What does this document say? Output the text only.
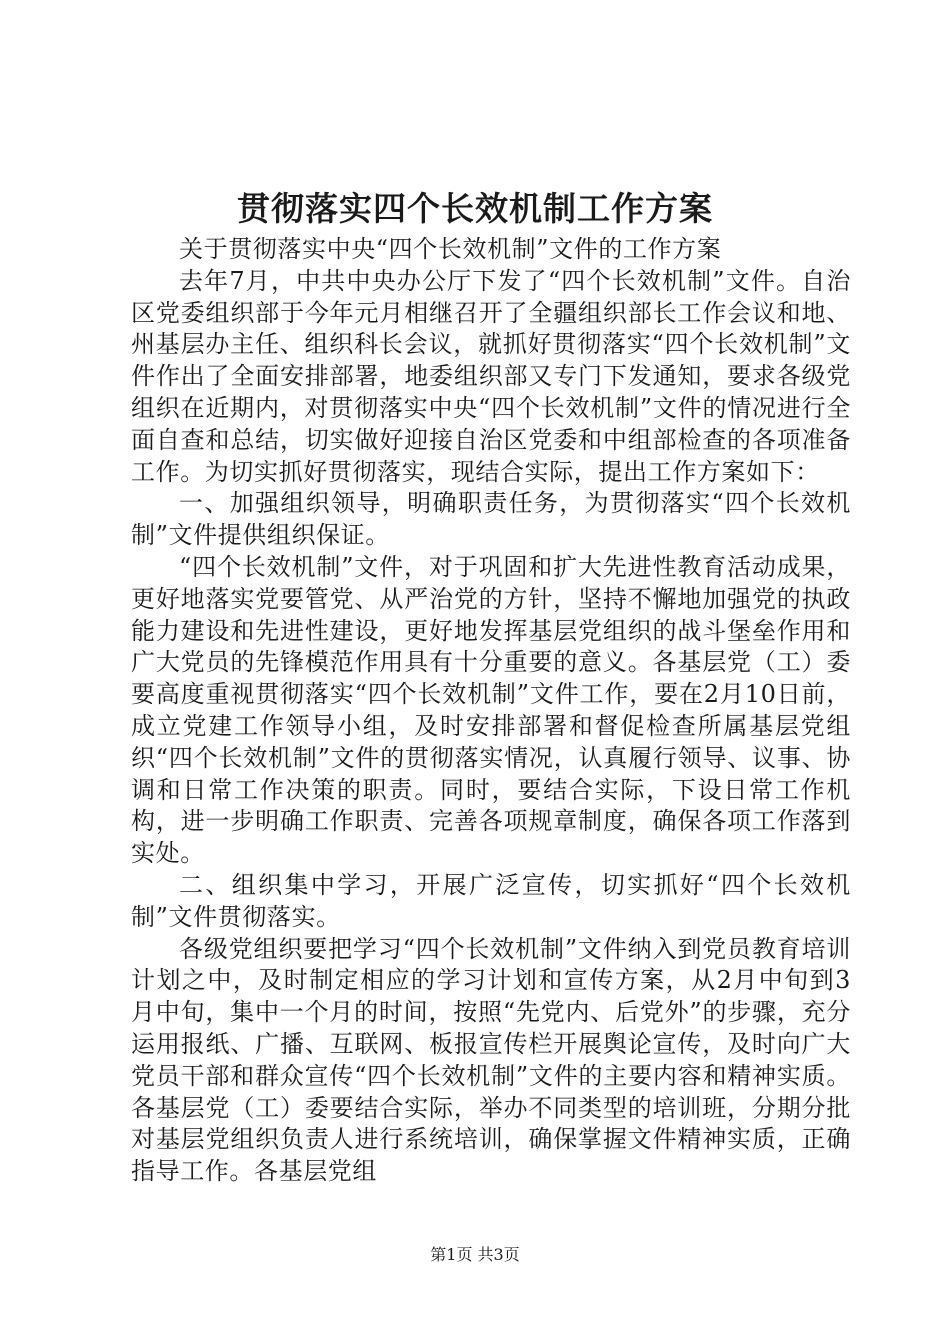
贯彻落实四个长效机制工作方案

关于贯彻落实中央“四个长效机制”文件的工作方案

去年7月，中共中央办公厅下发了“四个长效机制”文件。自治区党委组织部于今年元月相继召开了全疆组织部长工作会议和地、州基层办主任、组织科长会议，就抓好贯彻落实“四个长效机制”文件作出了全面安排部署，地委组织部又专门下发通知，要求各级党组织在近期内，对贯彻落实中央“四个长效机制”文件的情况进行全面自查和总结，切实做好迎接自治区党委和中组部检查的各项准备工作。为切实抓好贯彻落实，现结合实际，提出工作方案如下：

一、加强组织领导，明确职责任务，为贯彻落实“四个长效机制”文件提供组织保证。

“四个长效机制”文件，对于巩固和扩大先进性教育活动成果，更好地落实党要管党、从严治党的方针，坚持不懈地加强党的执政能力建设和先进性建设，更好地发挥基层党组织的战斗堡垒作用和广大党员的先锋模范作用具有十分重要的意义。各基层党（工）委要高度重视贯彻落实“四个长效机制”文件工作，要在2月10日前，成立党建工作领导小组，及时安排部署和督促检查所属基层党组织“四个长效机制”文件的贯彻落实情况，认真履行领导、议事、协调和日常工作决策的职责。同时，要结合实际，下设日常工作机构，进一步明确工作职责、完善各项规章制度，确保各项工作落到实处。

二、组织集中学习，开展广泛宣传，切实抓好“四个长效机制”文件贯彻落实。

各级党组织要把学习“四个长效机制”文件纳入到党员教育培训计划之中，及时制定相应的学习计划和宣传方案，从2月中旬到3月中旬，集中一个月的时间，按照“先党内、后党外”的步骤，充分运用报纸、广播、互联网、板报宣传栏开展舆论宣传，及时向广大党员干部和群众宣传“四个长效机制”文件的主要内容和精神实质。各基层党（工）委要结合实际，举办不同类型的培训班，分期分批对基层党组织负责人进行系统培训，确保掌握文件精神实质，正确指导工作。各基层党组

第1页 共3页
